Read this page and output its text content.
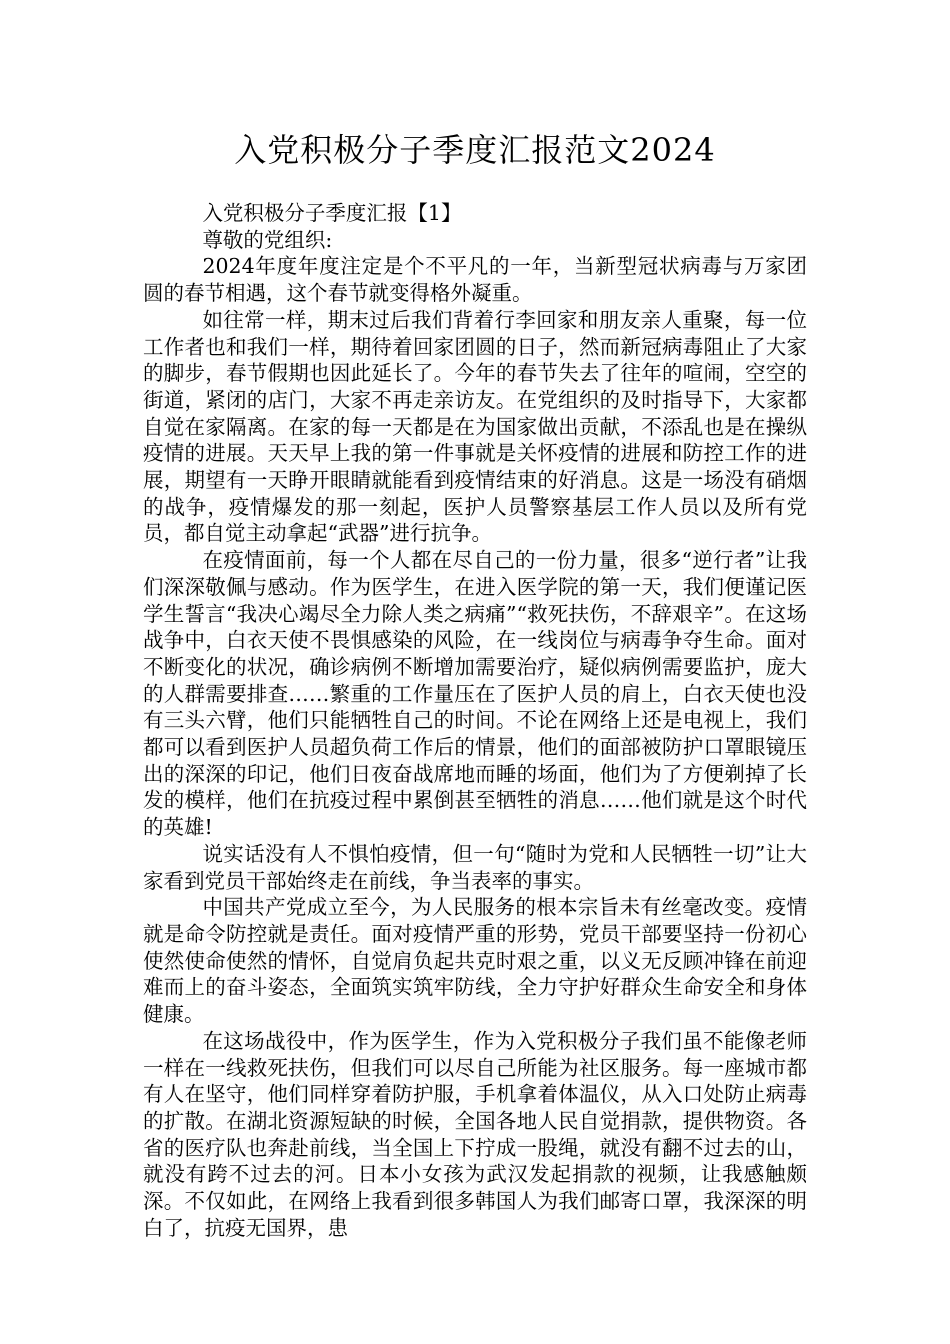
入党积极分子季度汇报范文2024

入党积极分子季度汇报【1】

尊敬的党组织:

2024年度年度注定是个不平凡的一年，当新型冠状病毒与万家团圆的春节相遇，这个春节就变得格外凝重。

如往常一样，期末过后我们背着行李回家和朋友亲人重聚，每一位工作者也和我们一样，期待着回家团圆的日子，然而新冠病毒阻止了大家的脚步，春节假期也因此延长了。今年的春节失去了往年的喧闹，空空的街道，紧闭的店门，大家不再走亲访友。在党组织的及时指导下，大家都自觉在家隔离。在家的每一天都是在为国家做出贡献，不添乱也是在操纵疫情的进展。天天早上我的第一件事就是关怀疫情的进展和防控工作的进展，期望有一天睁开眼睛就能看到疫情结束的好消息。这是一场没有硝烟的战争，疫情爆发的那一刻起，医护人员警察基层工作人员以及所有党员，都自觉主动拿起“武器”进行抗争。

在疫情面前，每一个人都在尽自己的一份力量，很多“逆行者”让我们深深敬佩与感动。作为医学生，在进入医学院的第一天，我们便谨记医学生誓言“我决心竭尽全力除人类之病痛”“救死扶伤，不辞艰辛”。在这场战争中，白衣天使不畏惧感染的风险，在一线岗位与病毒争夺生命。面对不断变化的状况，确诊病例不断增加需要治疗，疑似病例需要监护，庞大的人群需要排查……繁重的工作量压在了医护人员的肩上，白衣天使也没有三头六臂，他们只能牺牲自己的时间。不论在网络上还是电视上，我们都可以看到医护人员超负荷工作后的情景，他们的面部被防护口罩眼镜压出的深深的印记，他们日夜奋战席地而睡的场面，他们为了方便剃掉了长发的模样，他们在抗疫过程中累倒甚至牺牲的消息……他们就是这个时代的英雄!

说实话没有人不惧怕疫情，但一句“随时为党和人民牺牲一切”让大家看到党员干部始终走在前线，争当表率的事实。

中国共产党成立至今，为人民服务的根本宗旨未有丝毫改变。疫情就是命令防控就是责任。面对疫情严重的形势，党员干部要坚持一份初心使然使命使然的情怀，自觉肩负起共克时艰之重，以义无反顾冲锋在前迎难而上的奋斗姿态，全面筑实筑牢防线，全力守护好群众生命安全和身体健康。

在这场战役中，作为医学生，作为入党积极分子我们虽不能像老师一样在一线救死扶伤，但我们可以尽自己所能为社区服务。每一座城市都有人在坚守，他们同样穿着防护服，手机拿着体温仪，从入口处防止病毒的扩散。在湖北资源短缺的时候，全国各地人民自觉捐款，提供物资。各省的医疗队也奔赴前线，当全国上下拧成一股绳，就没有翻不过去的山，就没有跨不过去的河。日本小女孩为武汉发起捐款的视频，让我感触颇深。不仅如此，在网络上我看到很多韩国人为我们邮寄口罩，我深深的明白了，抗疫无国界，患
